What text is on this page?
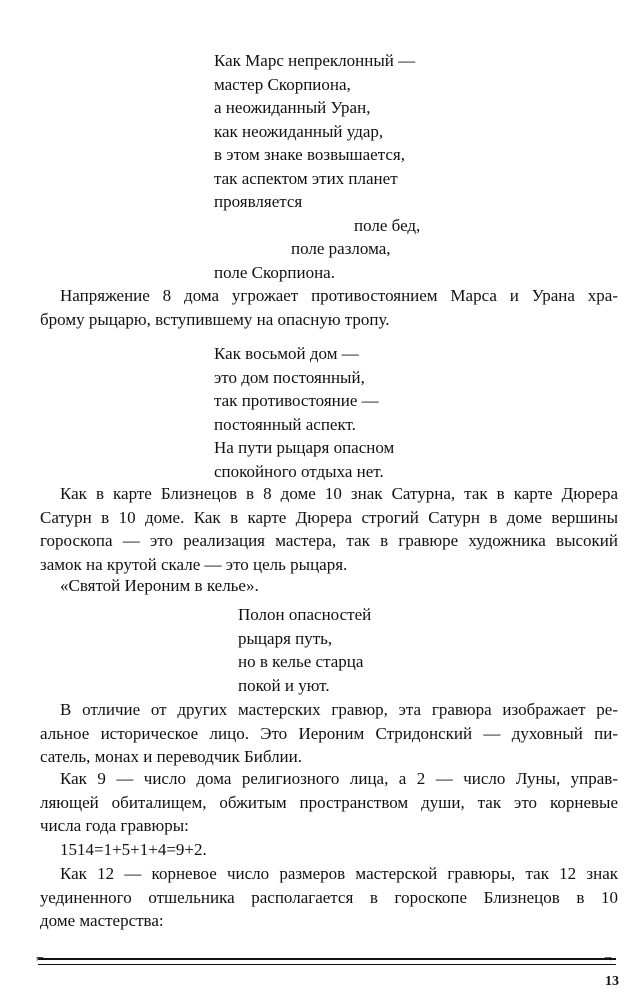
Как Марс непреклонный —
мастер Скорпиона,
а неожиданный Уран,
как неожиданный удар,
в этом знаке возвышается,
так аспектом этих планет
проявляется
поле бед,
поле разлома,
поле Скорпиона.
Напряжение 8 дома угрожает противостоянием Марса и Урана хра-
брому рыцарю, вступившему на опасную тропу.
Как восьмой дом —
это дом постоянный,
так противостояние —
постоянный аспект.
На пути рыцаря опасном
спокойного отдыха нет.
Как в карте Близнецов в 8 доме 10 знак Сатурна, так в карте Дюрера
Сатурн в 10 доме. Как в карте Дюрера строгий Сатурн в доме вершины
гороскопа — это реализация мастера, так в гравюре художника высокий
замок на крутой скале — это цель рыцаря.
«Святой Иероним в келье».
Полон опасностей
рыцаря путь,
но в келье старца
покой и уют.
В отличие от других мастерских гравюр, эта гравюра изображает ре-
альное историческое лицо. Это Иероним Стридонский — духовный пи-
сатель, монах и переводчик Библии.
Как 9 — число дома религиозного лица, а 2 — число Луны, управ-
ляющей обиталищем, обжитым пространством души, так это корневые
числа года гравюры:
1514=1+5+1+4=9+2.
Как 12 — корневое число размеров мастерской гравюры, так 12 знак
уединенного отшельника располагается в гороскопе Близнецов в 10
доме мастерства:
⌐	¬
13
